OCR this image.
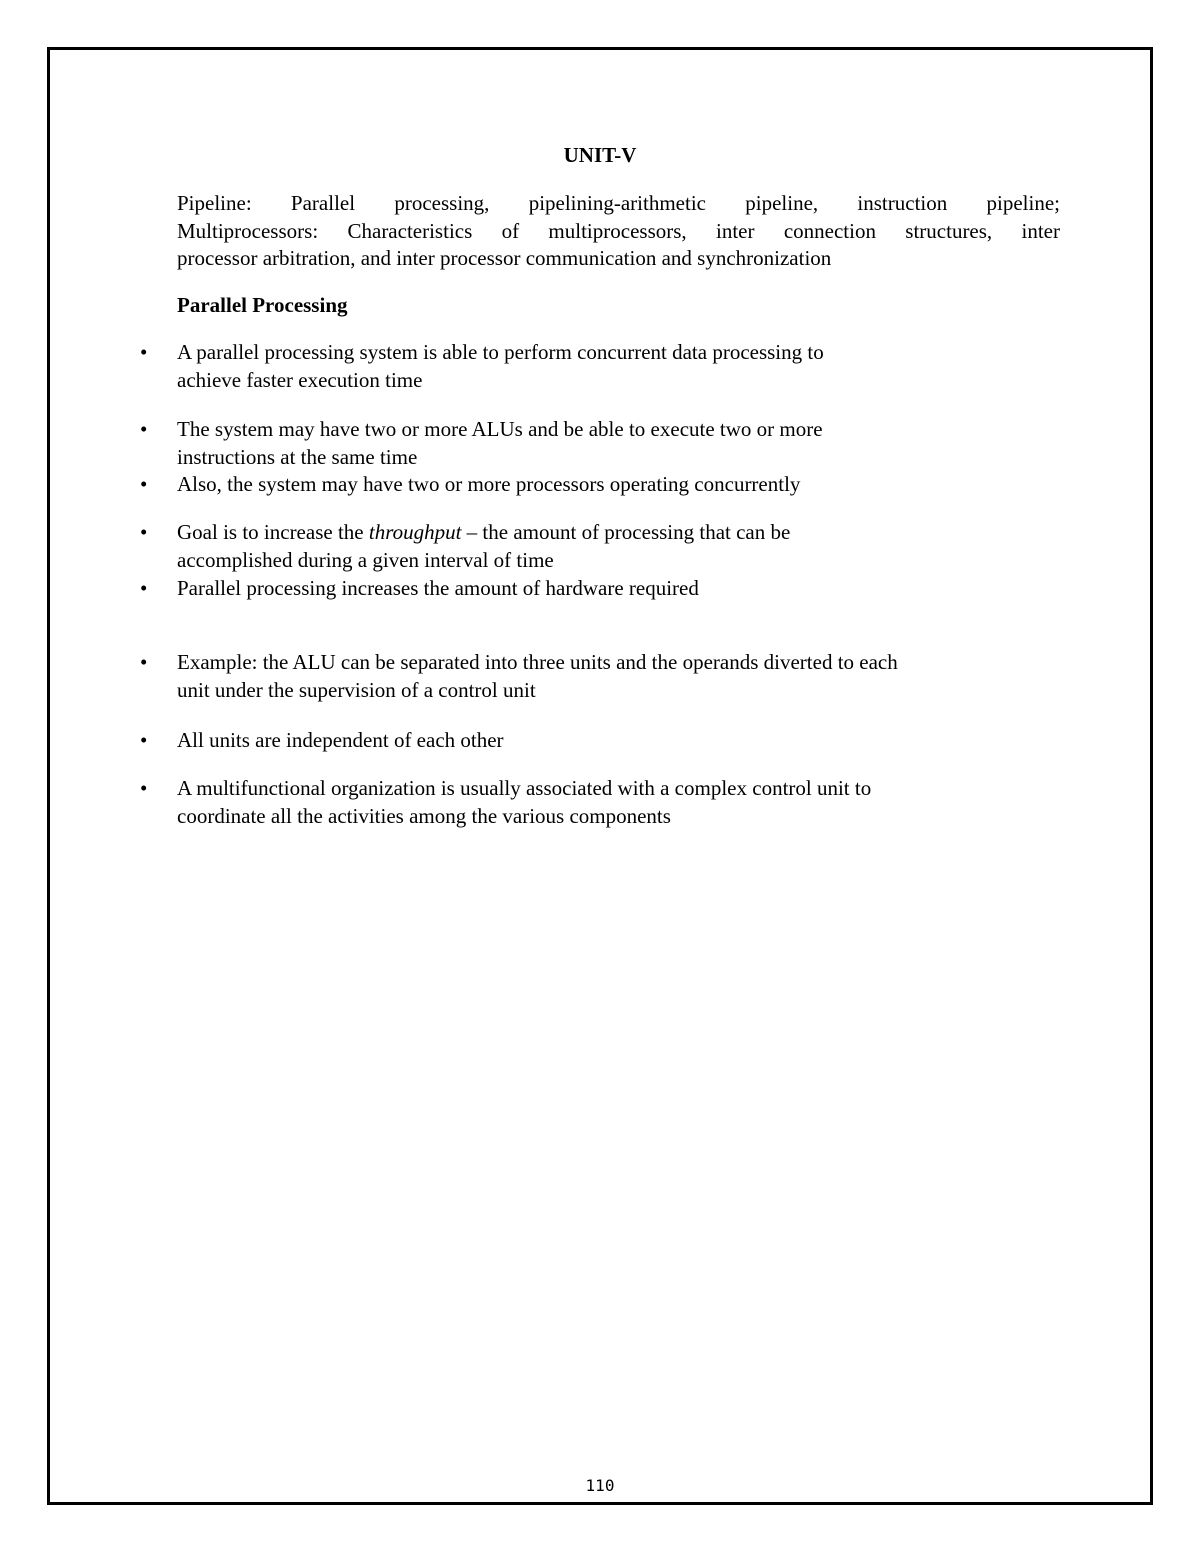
UNIT-V
Pipeline: Parallel processing, pipelining-arithmetic pipeline, instruction pipeline;
Multiprocessors: Characteristics of multiprocessors, inter connection structures, inter
processor arbitration, and inter processor communication and synchronization
Parallel Processing
•	A parallel processing system is able to perform concurrent data processing to
achieve faster execution time
•	The system may have two or more ALUs and be able to execute two or more
instructions at the same time
•	Also, the system may have two or more processors operating concurrently
•	Goal is to increase the throughput – the amount of processing that can be
accomplished during a given interval of time
•	Parallel processing increases the amount of hardware required
•	Example: the ALU can be separated into three units and the operands diverted to each
unit under the supervision of a control unit
•	All units are independent of each other
•	A multifunctional organization is usually associated with a complex control unit to
coordinate all the activities among the various components
110
